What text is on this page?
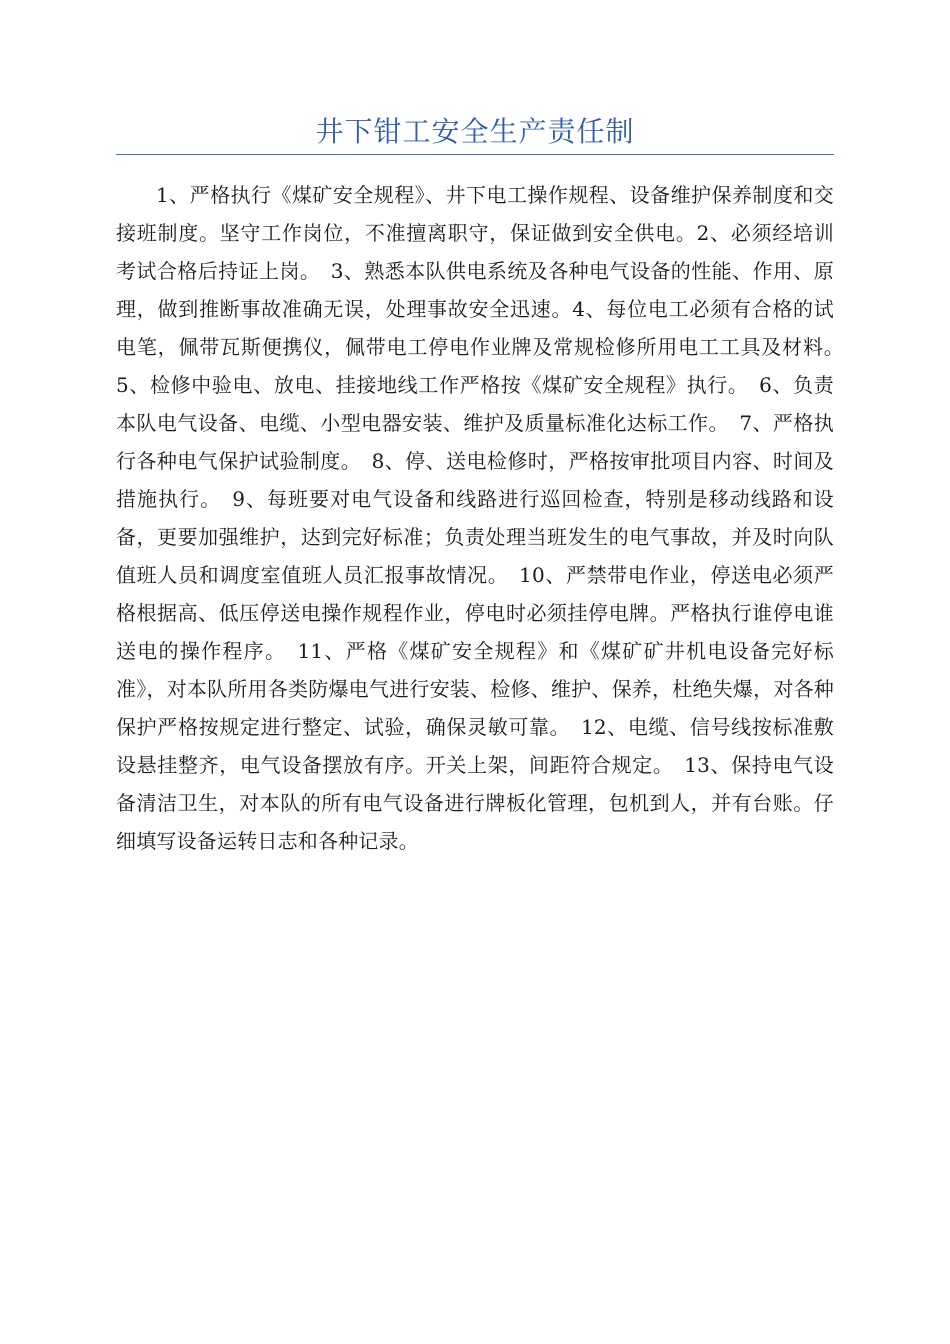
井下钳工安全生产责任制

1、严格执行《煤矿安全规程》、井下电工操作规程、设备维护保养制度和交接班制度。坚守工作岗位，不准擅离职守，保证做到安全供电。2、必须经培训考试合格后持证上岗。　3、熟悉本队供电系统及各种电气设备的性能、作用、原理，做到推断事故准确无误，处理事故安全迅速。4、每位电工必须有合格的试电笔，佩带瓦斯便携仪，佩带电工停电作业牌及常规检修所用电工工具及材料。　5、检修中验电、放电、挂接地线工作严格按《煤矿安全规程》执行。　6、负责本队电气设备、电缆、小型电器安装、维护及质量标准化达标工作。　7、严格执行各种电气保护试验制度。　8、停、送电检修时，严格按审批项目内容、时间及措施执行。　9、每班要对电气设备和线路进行巡回检查，特别是移动线路和设备，更要加强维护，达到完好标准；负责处理当班发生的电气事故，并及时向队值班人员和调度室值班人员汇报事故情况。　10、严禁带电作业，停送电必须严格根据高、低压停送电操作规程作业，停电时必须挂停电牌。严格执行谁停电谁送电的操作程序。　11、严格《煤矿安全规程》和《煤矿矿井机电设备完好标准》，对本队所用各类防爆电气进行安装、检修、维护、保养，杜绝失爆，对各种保护严格按规定进行整定、试验，确保灵敏可靠。　12、电缆、信号线按标准敷设悬挂整齐，电气设备摆放有序。开关上架，间距符合规定。　13、保持电气设备清洁卫生，对本队的所有电气设备进行牌板化管理，包机到人，并有台账。仔细填写设备运转日志和各种记录。
